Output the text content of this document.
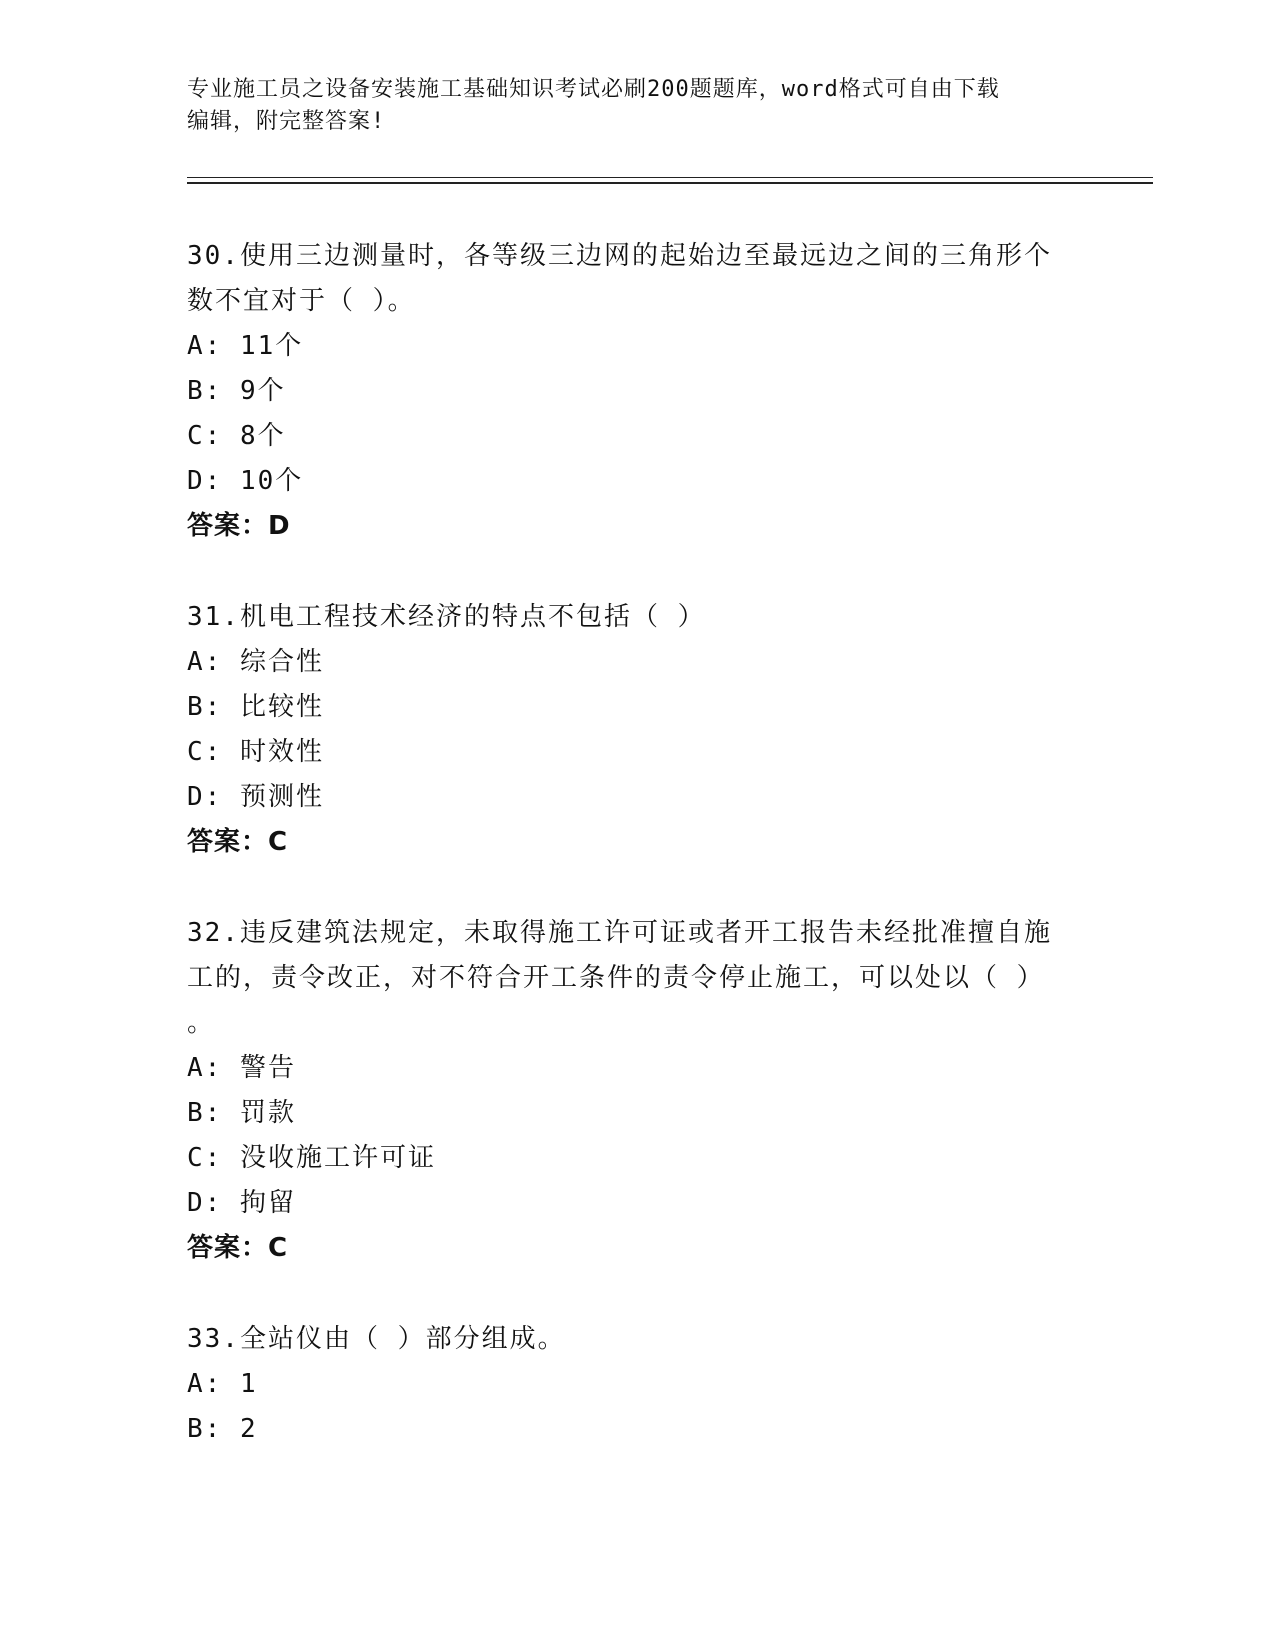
专业施工员之设备安装施工基础知识考试必刷200题题库，word格式可自由下载
编辑，附完整答案!

30.使用三边测量时，各等级三边网的起始边至最远边之间的三角形个

数不宜对于（ ）。

A: 11个

B: 9个

C: 8个

D: 10个

答案：D

31.机电工程技术经济的特点不包括（ ）

A: 综合性

B: 比较性

C: 时效性

D: 预测性

答案：C

32.违反建筑法规定，未取得施工许可证或者开工报告未经批准擅自施

工的，责令改正，对不符合开工条件的责令停止施工，可以处以（ ）

。

A: 警告

B: 罚款

C: 没收施工许可证

D: 拘留

答案：C

33.全站仪由（ ）部分组成。

A: 1

B: 2
